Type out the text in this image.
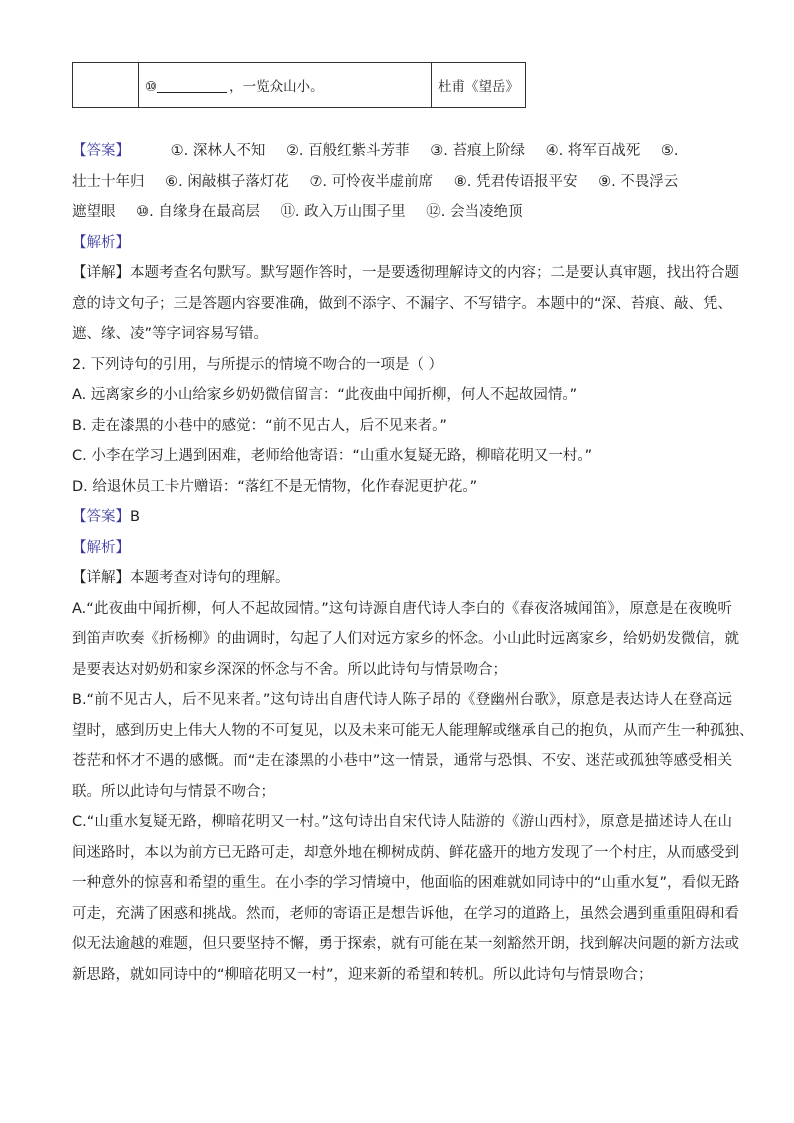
	⑩	，一览众山小。	杜甫《望岳》
【答案】	①. 深林人不知 ②. 百般红紫斗芳菲 ③. 苔痕上阶绿 ④. 将军百战死 ⑤.
壮士十年归 ⑥. 闲敲棋子落灯花 ⑦. 可怜夜半虚前席 ⑧. 凭君传语报平安 ⑨. 不畏浮云
遮望眼 ⑩. 自缘身在最高层 ⑪. 政入万山围子里 ⑫. 会当凌绝顶
【解析】
【详解】本题考查名句默写。默写题作答时，一是要透彻理解诗文的内容；二是要认真审题，找出符合题
意的诗文句子；三是答题内容要准确，做到不添字、不漏字、不写错字。本题中的“深、苔痕、敲、凭、
遮、缘、凌”等字词容易写错。
2. 下列诗句的引用，与所提示的情境不吻合的一项是（ ）
A. 远离家乡的小山给家乡奶奶微信留言：“此夜曲中闻折柳，何人不起故园情。”
B. 走在漆黑的小巷中的感觉：“前不见古人，后不见来者。”
C. 小李在学习上遇到困难，老师给他寄语：“山重水复疑无路，柳暗花明又一村。”
D. 给退休员工卡片赠语：“落红不是无情物，化作春泥更护花。”
【答案】B
【解析】
【详解】本题考查对诗句的理解。
A.“此夜曲中闻折柳，何人不起故园情。”这句诗源自唐代诗人李白的《春夜洛城闻笛》，原意是在夜晚听
到笛声吹奏《折杨柳》的曲调时，勾起了人们对远方家乡的怀念。小山此时远离家乡，给奶奶发微信，就
是要表达对奶奶和家乡深深的怀念与不舍。所以此诗句与情景吻合；
B.“前不见古人，后不见来者。”这句诗出自唐代诗人陈子昂的《登幽州台歌》，原意是表达诗人在登高远
望时，感到历史上伟大人物的不可复见，以及未来可能无人能理解或继承自己的抱负，从而产生一种孤独、
苍茫和怀才不遇的感慨。而“走在漆黑的小巷中”这一情景，通常与恐惧、不安、迷茫或孤独等感受相关
联。所以此诗句与情景不吻合；
C.“山重水复疑无路，柳暗花明又一村。”这句诗出自宋代诗人陆游的《游山西村》，原意是描述诗人在山
间迷路时，本以为前方已无路可走，却意外地在柳树成荫、鲜花盛开的地方发现了一个村庄，从而感受到
一种意外的惊喜和希望的重生。在小李的学习情境中，他面临的困难就如同诗中的“山重水复”，看似无路
可走，充满了困惑和挑战。然而，老师的寄语正是想告诉他，在学习的道路上，虽然会遇到重重阻碍和看
似无法逾越的难题，但只要坚持不懈，勇于探索，就有可能在某一刻豁然开朗，找到解决问题的新方法或
新思路，就如同诗中的“柳暗花明又一村”，迎来新的希望和转机。所以此诗句与情景吻合；
